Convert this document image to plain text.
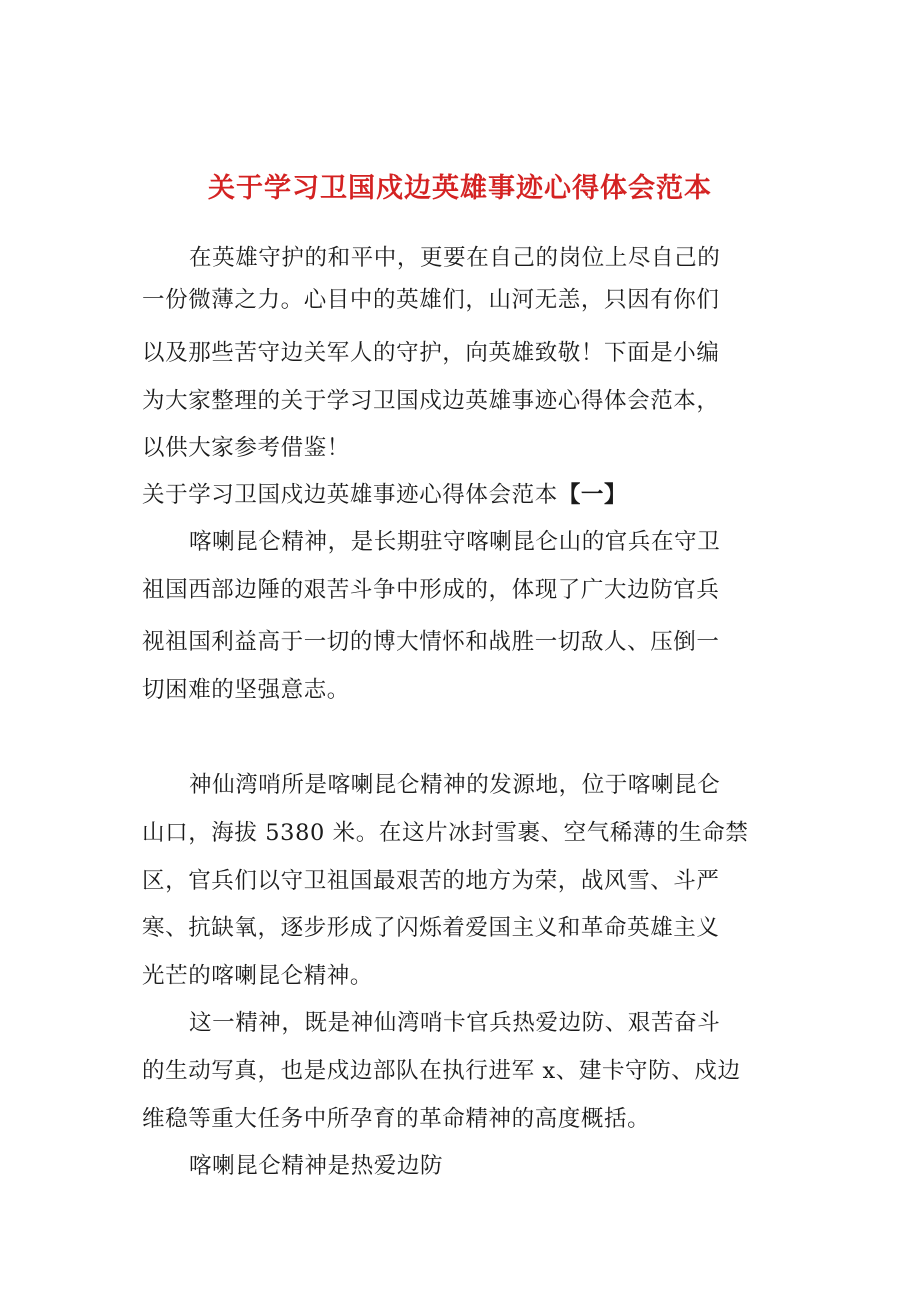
关于学习卫国戍边英雄事迹心得体会范本
在英雄守护的和平中，更要在自己的岗位上尽自己的
一份微薄之力。心目中的英雄们，山河无恙，只因有你们
以及那些苦守边关军人的守护，向英雄致敬！下面是小编
为大家整理的关于学习卫国戍边英雄事迹心得体会范本，
以供大家参考借鉴！
关于学习卫国戍边英雄事迹心得体会范本【一】
喀喇昆仑精神，是长期驻守喀喇昆仑山的官兵在守卫
祖国西部边陲的艰苦斗争中形成的，体现了广大边防官兵
视祖国利益高于一切的博大情怀和战胜一切敌人、压倒一
切困难的坚强意志。
神仙湾哨所是喀喇昆仑精神的发源地，位于喀喇昆仑
山口，海拔 5380 米。在这片冰封雪裹、空气稀薄的生命禁
区，官兵们以守卫祖国最艰苦的地方为荣，战风雪、斗严
寒、抗缺氧，逐步形成了闪烁着爱国主义和革命英雄主义
光芒的喀喇昆仑精神。
这一精神，既是神仙湾哨卡官兵热爱边防、艰苦奋斗
的生动写真，也是戍边部队在执行进军 x、建卡守防、戍边
维稳等重大任务中所孕育的革命精神的高度概括。
喀喇昆仑精神是热爱边防
